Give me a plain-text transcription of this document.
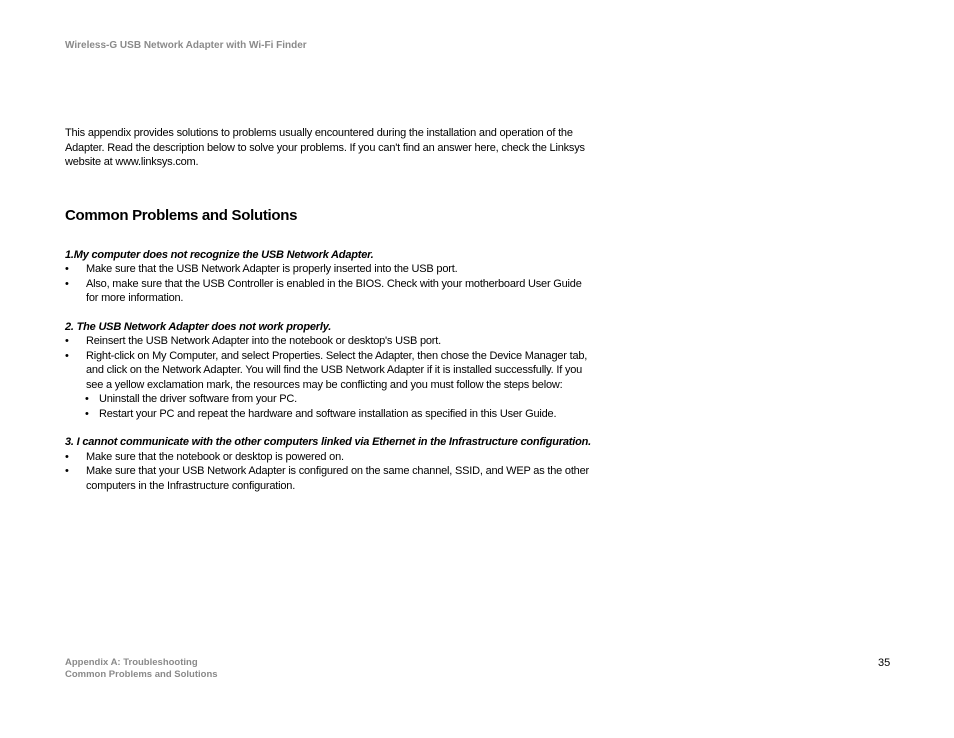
Wireless-G USB Network Adapter with Wi-Fi Finder

This appendix provides solutions to problems usually encountered during the installation and operation of the Adapter. Read the description below to solve your problems. If you can't find an answer here, check the Linksys website at www.linksys.com.

Common Problems and Solutions

1.My computer does not recognize the USB Network Adapter.

• Make sure that the USB Network Adapter is properly inserted into the USB port.
• Also, make sure that the USB Controller is enabled in the BIOS. Check with your motherboard User Guide for more information.

2. The USB Network Adapter does not work properly.

• Reinsert the USB Network Adapter into the notebook or desktop's USB port.
• Right-click on My Computer, and select Properties. Select the Adapter, then chose the Device Manager tab, and click on the Network Adapter. You will find the USB Network Adapter if it is installed successfully. If you see a yellow exclamation mark, the resources may be conflicting and you must follow the steps below:
• Uninstall the driver software from your PC.
• Restart your PC and repeat the hardware and software installation as specified in this User Guide.

3. I cannot communicate with the other computers linked via Ethernet in the Infrastructure configuration.

• Make sure that the notebook or desktop is powered on.
• Make sure that your USB Network Adapter is configured on the same channel, SSID, and WEP as the other computers in the Infrastructure configuration.
Appendix A: Troubleshooting
Common Problems and Solutions
35
